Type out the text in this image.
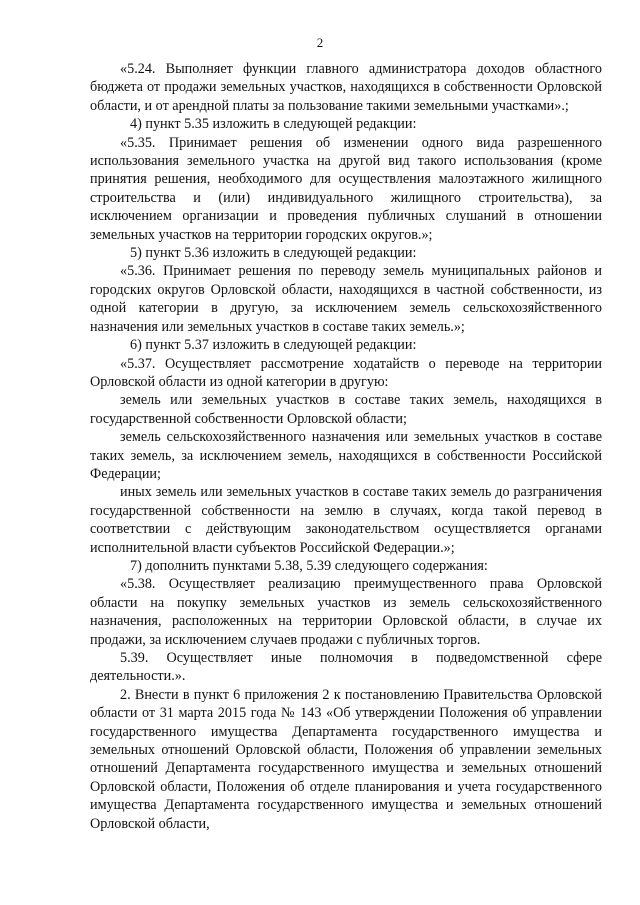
2

«5.24. Выполняет функции главного администратора доходов областного бюджета от продажи земельных участков, находящихся в собственности Орловской области, и от арендной платы за пользование такими земельными участками».;

4) пункт 5.35 изложить в следующей редакции:

«5.35. Принимает решения об изменении одного вида разрешенного использования земельного участка на другой вид такого использования (кроме принятия решения, необходимого для осуществления малоэтажного жилищного строительства и (или) индивидуального жилищного строительства), за исключением организации и проведения публичных слушаний в отношении земельных участков на территории городских округов.»;

5) пункт 5.36 изложить в следующей редакции:

«5.36. Принимает решения по переводу земель муниципальных районов и городских округов Орловской области, находящихся в частной собственности, из одной категории в другую, за исключением земель сельскохозяйственного назначения или земельных участков в составе таких земель.»;

6) пункт 5.37 изложить в следующей редакции:

«5.37. Осуществляет рассмотрение ходатайств о переводе на территории Орловской области из одной категории в другую:

земель или земельных участков в составе таких земель, находящихся в государственной собственности Орловской области;

земель сельскохозяйственного назначения или земельных участков в составе таких земель, за исключением земель, находящихся в собственности Российской Федерации;

иных земель или земельных участков в составе таких земель до разграничения государственной собственности на землю в случаях, когда такой перевод в соответствии с действующим законодательством осуществляется органами исполнительной власти субъектов Российской Федерации.»;

7) дополнить пунктами 5.38, 5.39 следующего содержания:

«5.38. Осуществляет реализацию преимущественного права Орловской области на покупку земельных участков из земель сельскохозяйственного назначения, расположенных на территории Орловской области, в случае их продажи, за исключением случаев продажи с публичных торгов.

5.39. Осуществляет иные полномочия в подведомственной сфере деятельности.».

2. Внести в пункт 6 приложения 2 к постановлению Правительства Орловской области от 31 марта 2015 года № 143 «Об утверждении Положения об управлении государственного имущества Департамента государственного имущества и земельных отношений Орловской области, Положения об управлении земельных отношений Департамента государственного имущества и земельных отношений Орловской области, Положения об отделе планирования и учета государственного имущества Департамента государственного имущества и земельных отношений Орловской области,
